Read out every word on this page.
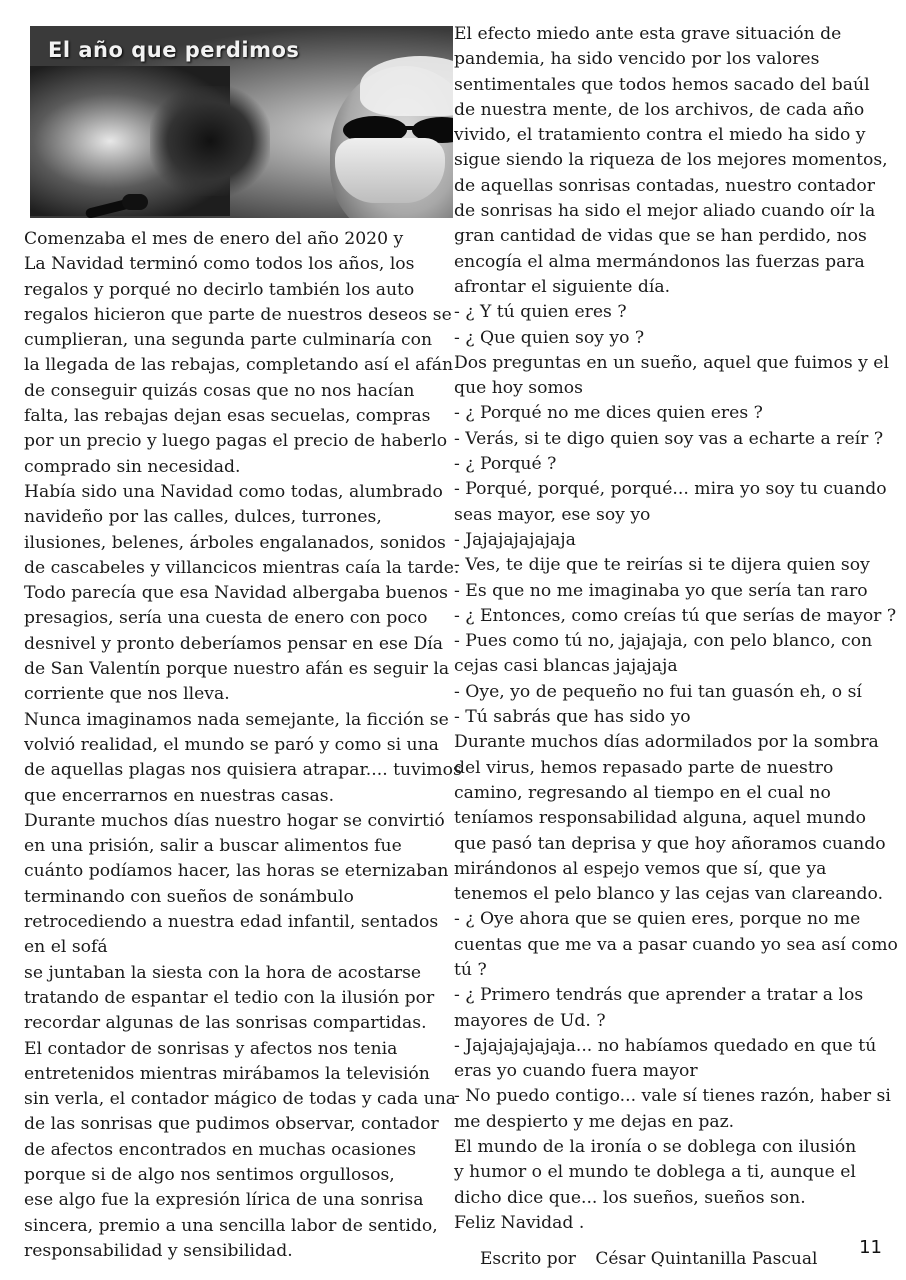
El año que perdimos
Comenzaba el mes de enero del año 2020 y
La Navidad terminó como todos los años, los
regalos y porqué no decirlo también los auto
regalos hicieron que parte de nuestros deseos se
cumplieran, una segunda parte culminaría con
la llegada de las rebajas, completando así el afán
de conseguir quizás cosas que no nos hacían
falta, las rebajas dejan esas secuelas, compras
por un precio y luego pagas el precio de haberlo
comprado sin necesidad.
Había sido una Navidad como todas, alumbrado
navideño por las calles, dulces, turrones,
ilusiones, belenes, árboles engalanados, sonidos
de cascabeles y villancicos mientras caía la tarde.
Todo parecía que esa Navidad albergaba buenos
presagios, sería una cuesta de enero con poco
desnivel y pronto deberíamos pensar en ese Día
de San Valentín porque nuestro afán es seguir la
corriente que nos lleva.
Nunca imaginamos nada semejante, la ficción se
volvió realidad, el mundo se paró y como si una
de aquellas plagas nos quisiera atrapar.... tuvimos
que encerrarnos en nuestras casas.
Durante muchos días nuestro hogar se convirtió
en una prisión, salir a buscar alimentos fue
cuánto podíamos hacer, las horas se eternizaban
terminando con sueños de sonámbulo
retrocediendo a nuestra edad infantil, sentados
en el sofá
se juntaban la siesta con la hora de acostarse
tratando de espantar el tedio con la ilusión por
recordar algunas de las sonrisas compartidas.
El contador de sonrisas y afectos nos tenia
entretenidos mientras mirábamos la televisión
sin verla, el contador mágico de todas y cada una
de las sonrisas que pudimos observar, contador
de afectos encontrados en muchas ocasiones
porque si de algo nos sentimos orgullosos,
ese algo fue la expresión lírica de una sonrisa
sincera, premio a una sencilla labor de sentido,
responsabilidad y sensibilidad.
El efecto miedo ante esta grave situación de
pandemia, ha sido vencido por los valores
sentimentales que todos hemos sacado del baúl
de nuestra mente, de los archivos, de cada año
vivido, el tratamiento contra el miedo ha sido y
sigue siendo la riqueza de los mejores momentos,
de aquellas sonrisas contadas, nuestro contador
de sonrisas ha sido el mejor aliado cuando oír la
gran cantidad de vidas que se han perdido, nos
encogía el alma mermándonos las fuerzas para
afrontar el siguiente día.
- ¿ Y tú quien eres ?
- ¿ Que quien soy yo ?
Dos preguntas en un sueño, aquel que fuimos y el
que hoy somos
- ¿ Porqué no me dices quien eres ?
- Verás, si te digo quien soy vas a echarte a reír ?
- ¿ Porqué ?
- Porqué, porqué, porqué... mira yo soy tu cuando
seas mayor, ese soy yo
- Jajajajajajaja
- Ves, te dije que te reirías si te dijera quien soy
- Es que no me imaginaba yo que sería tan raro
- ¿ Entonces, como creías tú que serías de mayor ?
- Pues como tú no, jajajaja, con pelo blanco, con
cejas casi blancas jajajaja
- Oye, yo de pequeño no fui tan guasón eh, o sí
- Tú sabrás que has sido yo
Durante muchos días adormilados por la sombra
del virus, hemos repasado parte de nuestro
camino, regresando al tiempo en el cual no
teníamos responsabilidad alguna, aquel mundo
que pasó tan deprisa y que hoy añoramos cuando
mirándonos al espejo vemos que sí, que ya
tenemos el pelo blanco y las cejas van clareando.
- ¿ Oye ahora que se quien eres, porque no me
cuentas que me va a pasar cuando yo sea así como
tú ?
- ¿ Primero tendrás que aprender a tratar a los
mayores de Ud. ?
- Jajajajajajaja... no habíamos quedado en que tú
eras yo cuando fuera mayor
- No puedo contigo... vale sí tienes razón, haber si
me despierto y me dejas en paz.
El mundo de la ironía o se doblega con ilusión
y humor o el mundo te doblega a ti, aunque el
dicho dice que... los sueños, sueños son.
Feliz Navidad .
Escrito por César Quintanilla Pascual
11
